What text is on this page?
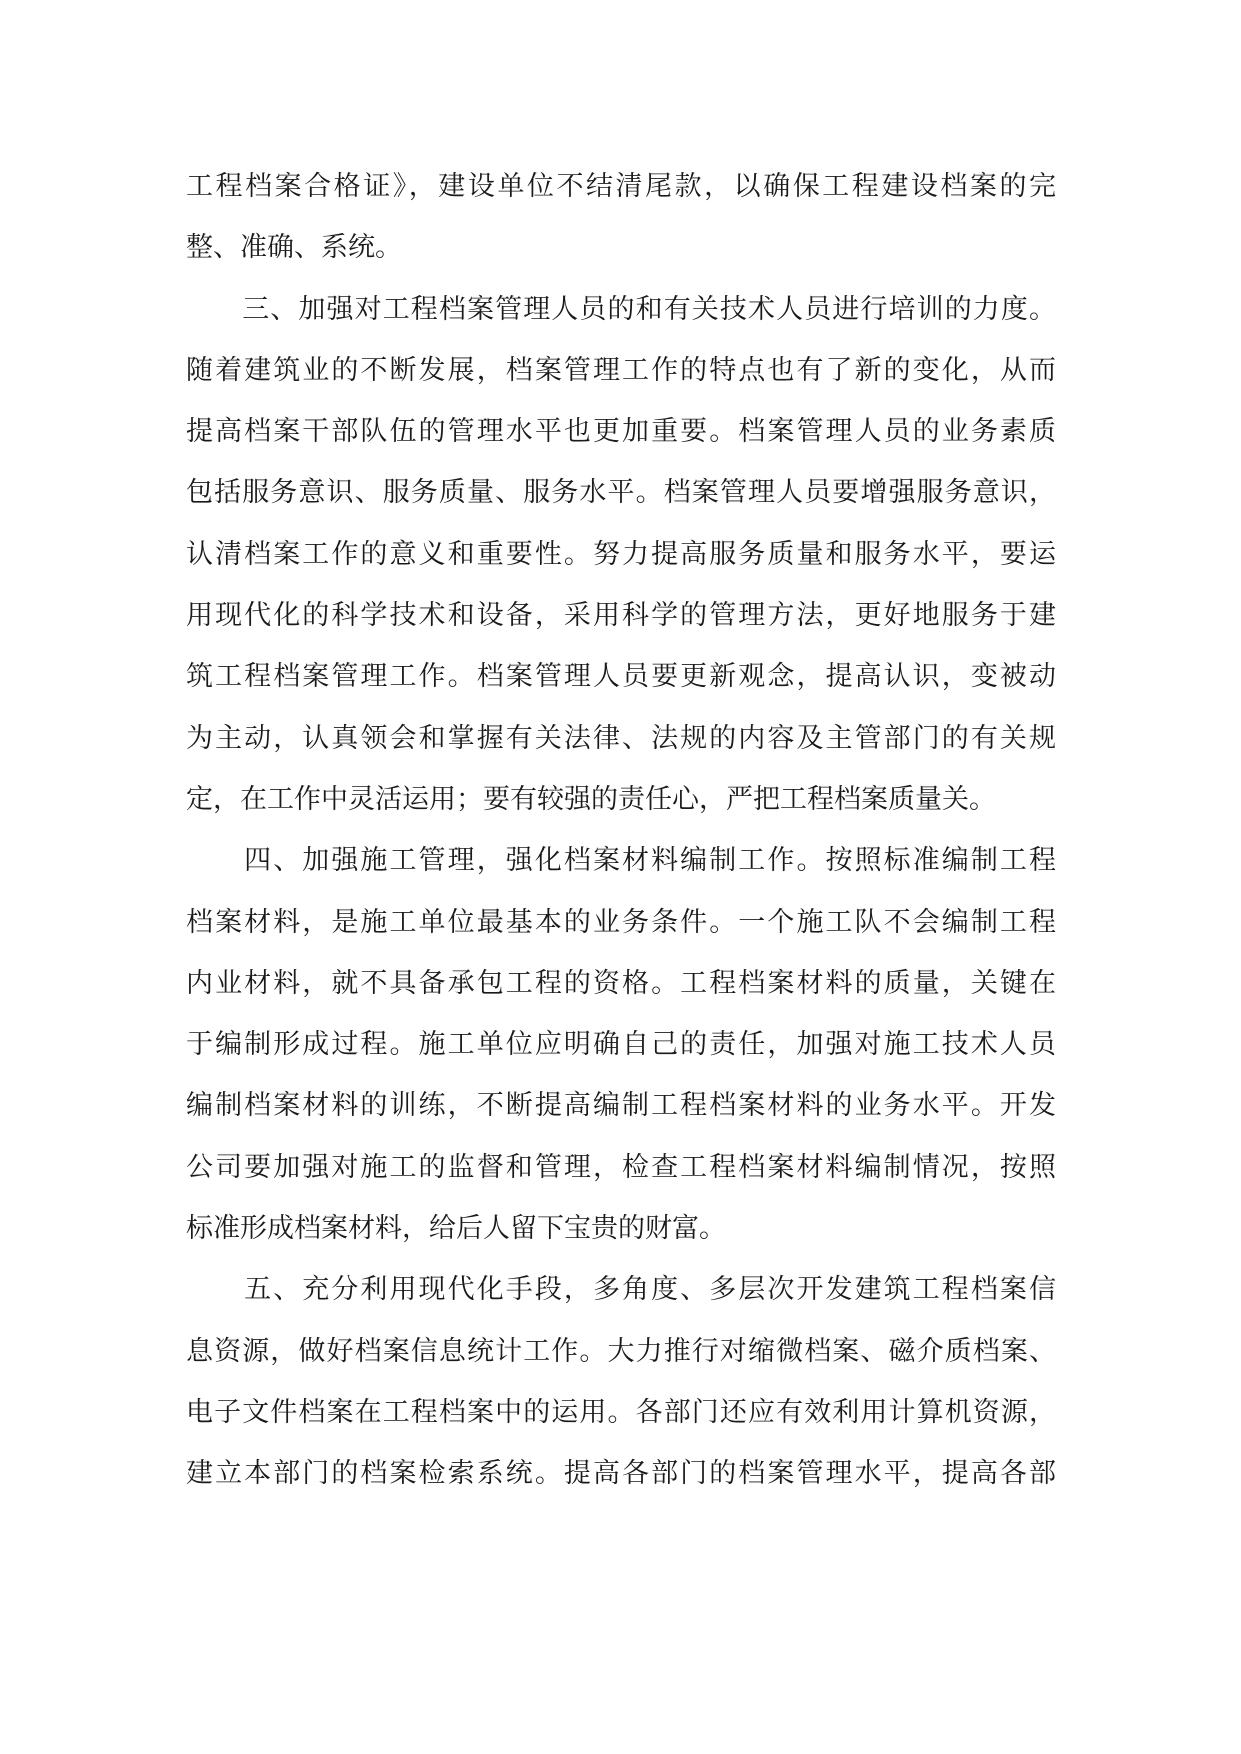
工程档案合格证》，建设单位不结清尾款，以确保工程建设档案的完
整、准确、系统。
　　三、加强对工程档案管理人员的和有关技术人员进行培训的力度。
随着建筑业的不断发展，档案管理工作的特点也有了新的变化，从而
提高档案干部队伍的管理水平也更加重要。档案管理人员的业务素质
包括服务意识、服务质量、服务水平。档案管理人员要增强服务意识，
认清档案工作的意义和重要性。努力提高服务质量和服务水平，要运
用现代化的科学技术和设备，采用科学的管理方法，更好地服务于建
筑工程档案管理工作。档案管理人员要更新观念，提高认识，变被动
为主动，认真领会和掌握有关法律、法规的内容及主管部门的有关规
定，在工作中灵活运用；要有较强的责任心，严把工程档案质量关。
　　四、加强施工管理，强化档案材料编制工作。按照标准编制工程
档案材料，是施工单位最基本的业务条件。一个施工队不会编制工程
内业材料，就不具备承包工程的资格。工程档案材料的质量，关键在
于编制形成过程。施工单位应明确自己的责任，加强对施工技术人员
编制档案材料的训练，不断提高编制工程档案材料的业务水平。开发
公司要加强对施工的监督和管理，检查工程档案材料编制情况，按照
标准形成档案材料，给后人留下宝贵的财富。
　　五、充分利用现代化手段，多角度、多层次开发建筑工程档案信
息资源，做好档案信息统计工作。大力推行对缩微档案、磁介质档案、
电子文件档案在工程档案中的运用。各部门还应有效利用计算机资源，
建立本部门的档案检索系统。提高各部门的档案管理水平，提高各部
